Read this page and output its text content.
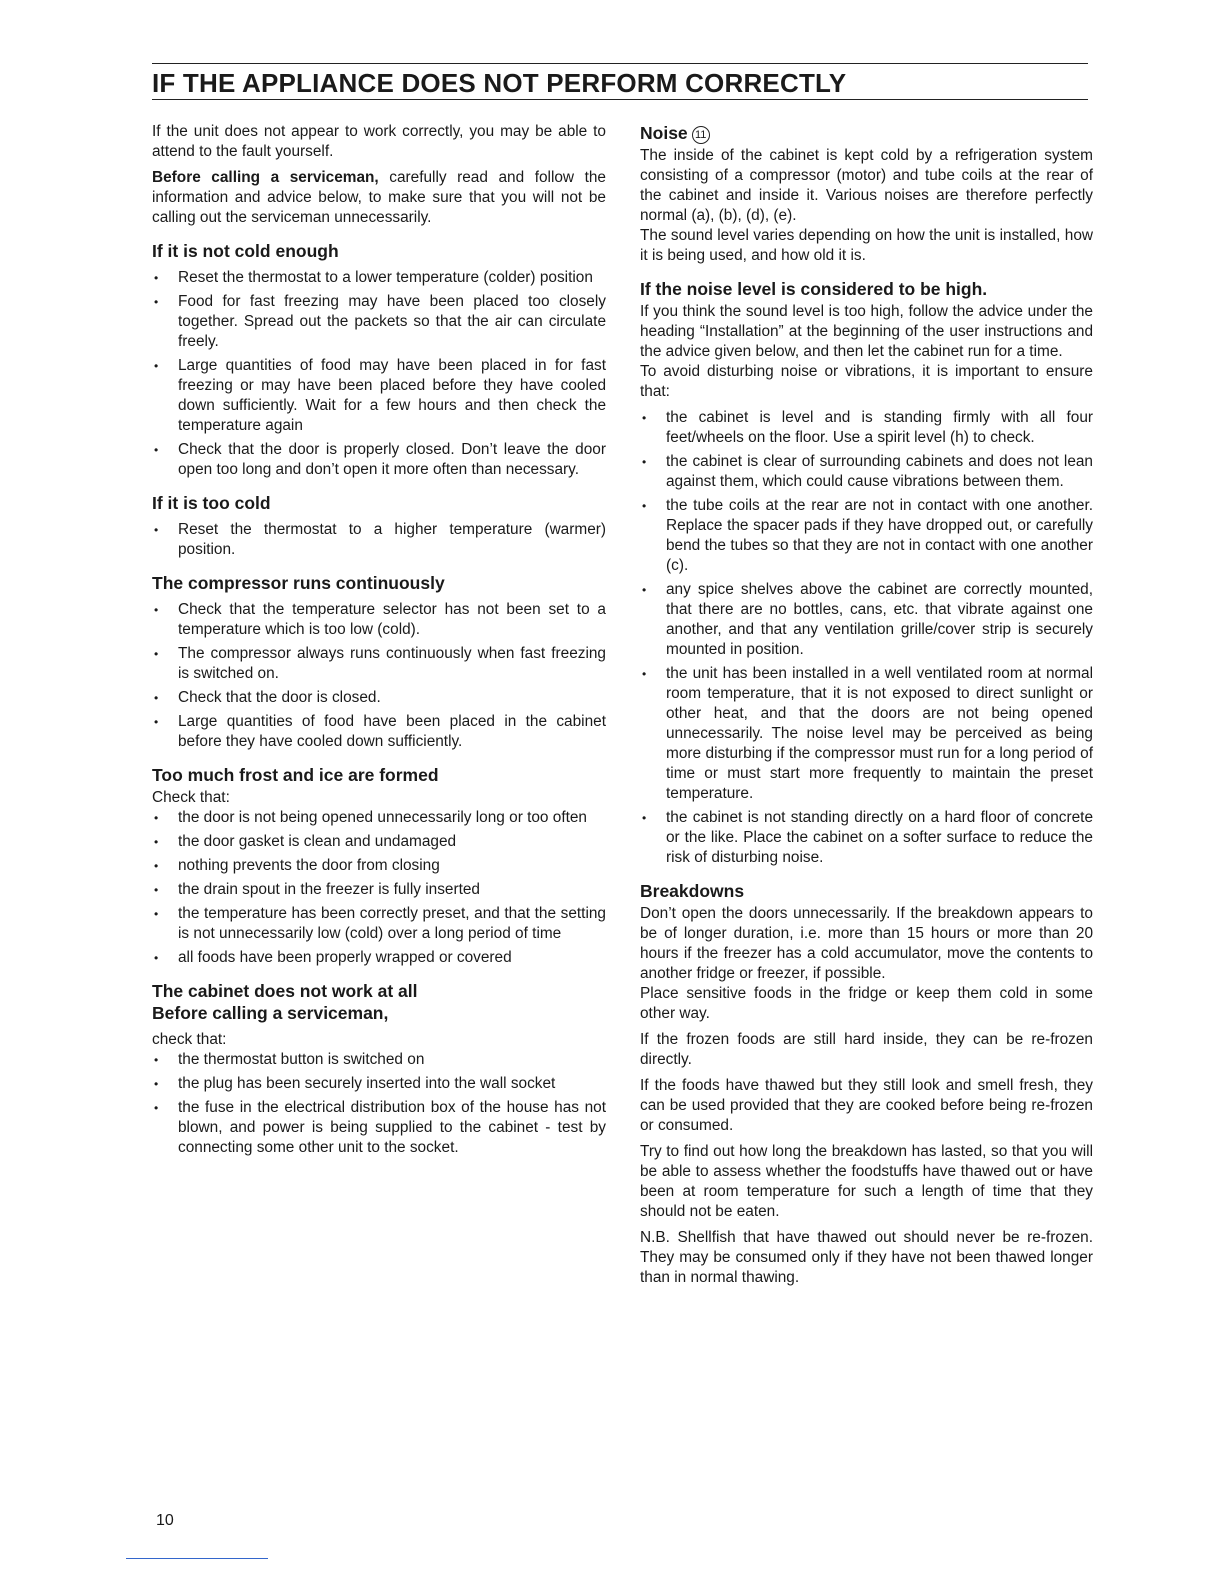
IF THE APPLIANCE DOES NOT PERFORM CORRECTLY

If the unit does not appear to work correctly, you may be able to attend to the fault yourself.

Before calling a serviceman, carefully read and follow the information and advice below, to make sure that you will not be calling out the serviceman unnecessarily.

If it is not cold enough
• Reset the thermostat to a lower temperature (colder) position
• Food for fast freezing may have been placed too closely together. Spread out the packets so that the air can circulate freely.
• Large quantities of food may have been placed in for fast freezing or may have been placed before they have cooled down sufficiently. Wait for a few hours and then check the temperature again
• Check that the door is properly closed. Don’t leave the door open too long and don’t open it more often than necessary.
If it is too cold
• Reset the thermostat to a higher temperature (warmer) position.
The compressor runs continuously
• Check that the temperature selector has not been set to a temperature which is too low (cold).
• The compressor always runs continuously when fast freezing is switched on.
• Check that the door is closed.
• Large quantities of food have been placed in the cabinet before they have cooled down sufficiently.
Too much frost and ice are formed

Check that:

• the door is not being opened unnecessarily long or too often
• the door gasket is clean and undamaged
• nothing prevents the door from closing
• the drain spout in the freezer is fully inserted
• the temperature has been correctly preset, and that the setting is not unnecessarily low (cold) over a long period of time
• all foods have been properly wrapped or covered
The cabinet does not work at all
Before calling a serviceman,

check that:

• the thermostat button is switched on
• the plug has been securely inserted into the wall socket
• the fuse in the electrical distribution box of the house has not blown, and power is being supplied to the cabinet - test by connecting some other unit to the socket.
Noise 11

The inside of the cabinet is kept cold by a refrigeration system consisting of a compressor (motor) and tube coils at the rear of the cabinet and inside it. Various noises are therefore perfectly normal (a), (b), (d), (e).

The sound level varies depending on how the unit is installed, how it is being used, and how old it is.

If the noise level is considered to be high.

If you think the sound level is too high, follow the advice under the heading “Installation” at the beginning of the user instructions and the advice given below, and then let the cabinet run for a time.

To avoid disturbing noise or vibrations, it is important to ensure that:

• the cabinet is level and is standing firmly with all four feet/wheels on the floor. Use a spirit level (h) to check.
• the cabinet is clear of surrounding cabinets and does not lean against them, which could cause vibrations between them.
• the tube coils at the rear are not in contact with one another. Replace the spacer pads if they have dropped out, or carefully bend the tubes so that they are not in contact with one another (c).
• any spice shelves above the cabinet are correctly mounted, that there are no bottles, cans, etc. that vibrate against one another, and that any ventilation grille/cover strip is securely mounted in position.
• the unit has been installed in a well ventilated room at normal room temperature, that it is not exposed to direct sunlight or other heat, and that the doors are not being opened unnecessarily. The noise level may be perceived as being more disturbing if the compressor must run for a long period of time or must start more frequently to maintain the preset temperature.
• the cabinet is not standing directly on a hard floor of concrete or the like. Place the cabinet on a softer surface to reduce the risk of disturbing noise.
Breakdowns

Don’t open the doors unnecessarily. If the breakdown appears to be of longer duration, i.e. more than 15 hours or more than 20 hours if the freezer has a cold accumulator, move the contents to another fridge or freezer, if possible.

Place sensitive foods in the fridge or keep them cold in some other way.

If the frozen foods are still hard inside, they can be re-frozen directly.

If the foods have thawed but they still look and smell fresh, they can be used provided that they are cooked before being re-frozen or consumed.

Try to find out how long the breakdown has lasted, so that you will be able to assess whether the foodstuffs have thawed out or have been at room temperature for such a length of time that they should not be eaten.

N.B. Shellfish that have thawed out should never be re-frozen. They may be consumed only if they have not been thawed longer than in normal thawing.

10
